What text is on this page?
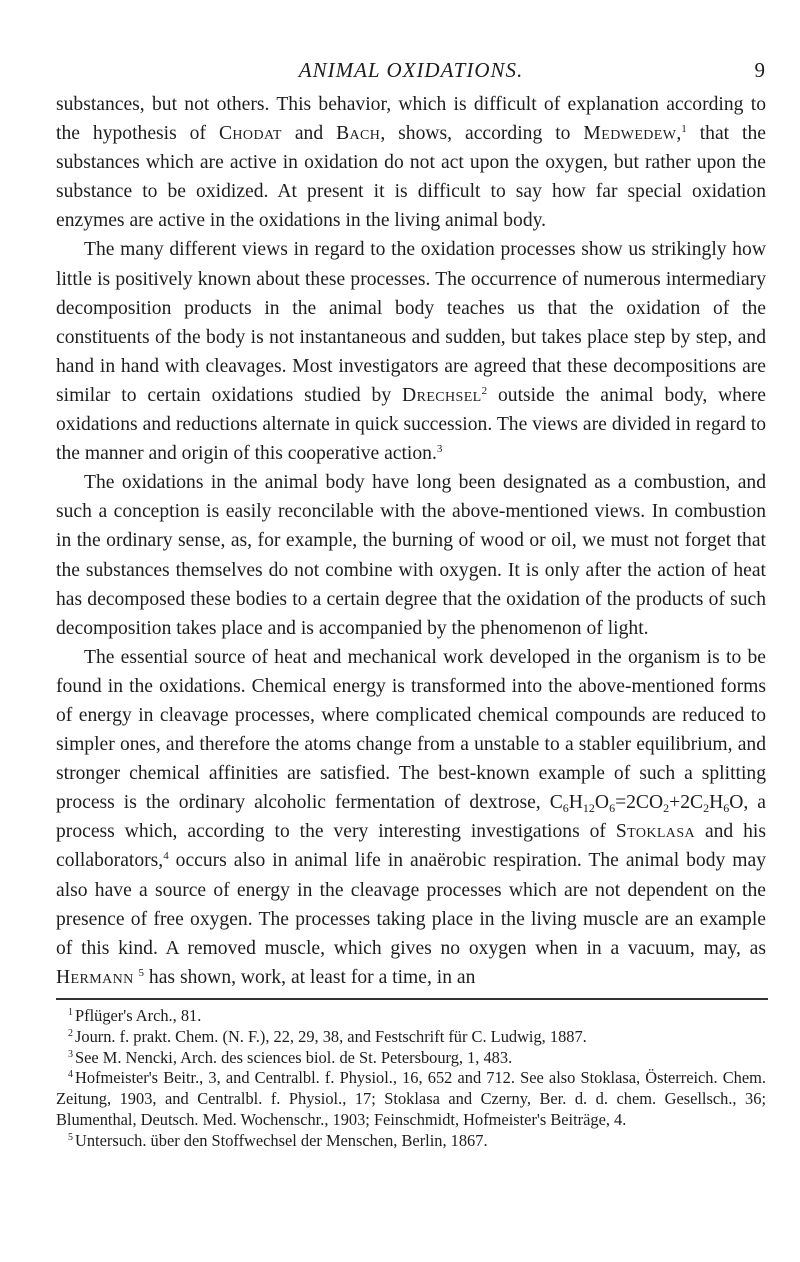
ANIMAL OXIDATIONS.	9

substances, but not others. This behavior, which is difficult of explanation according to the hypothesis of Chodat and Bach, shows, according to Medwedew,$^1$ that the substances which are active in oxidation do not act upon the oxygen, but rather upon the substance to be oxidized. At present it is difficult to say how far special oxidation enzymes are active in the oxidations in the living animal body.

The many different views in regard to the oxidation processes show us strikingly how little is positively known about these processes. The occurrence of numerous intermediary decomposition products in the animal body teaches us that the oxidation of the constituents of the body is not instantaneous and sudden, but takes place step by step, and hand in hand with cleavages. Most investigators are agreed that these decompositions are similar to certain oxidations studied by Drechsel$^2$ outside the animal body, where oxidations and reductions alternate in quick succession. The views are divided in regard to the manner and origin of this cooperative action.$^3$

The oxidations in the animal body have long been designated as a combustion, and such a conception is easily reconcilable with the above-mentioned views. In combustion in the ordinary sense, as, for example, the burning of wood or oil, we must not forget that the substances themselves do not combine with oxygen. It is only after the action of heat has decomposed these bodies to a certain degree that the oxidation of the products of such decomposition takes place and is accompanied by the phenomenon of light.

The essential source of heat and mechanical work developed in the organism is to be found in the oxidations. Chemical energy is transformed into the above-mentioned forms of energy in cleavage processes, where complicated chemical compounds are reduced to simpler ones, and therefore the atoms change from a unstable to a stabler equilibrium, and stronger chemical affinities are satisfied. The best-known example of such a splitting process is the ordinary alcoholic fermentation of dextrose, $C_6H_{12}O_6=2CO_2+2C_2H_6O$, a process which, according to the very interesting investigations of Stoklasa and his collaborators,$^4$ occurs also in animal life in anaërobic respiration. The animal body may also have a source of energy in the cleavage processes which are not dependent on the presence of free oxygen. The processes taking place in the living muscle are an example of this kind. A removed muscle, which gives no oxygen when in a vacuum, may, as Hermann $^5$ has shown, work, at least for a time, in an

$^1$ Pflüger's Arch., 81.

$^2$ Journ. f. prakt. Chem. (N. F.), 22, 29, 38, and Festschrift für C. Ludwig, 1887.

$^3$ See M. Nencki, Arch. des sciences biol. de St. Petersbourg, 1, 483.

$^4$ Hofmeister's Beitr., 3, and Centralbl. f. Physiol., 16, 652 and 712. See also Stoklasa, Österreich. Chem. Zeitung, 1903, and Centralbl. f. Physiol., 17; Stoklasa and Czerny, Ber. d. d. chem. Gesellsch., 36; Blumenthal, Deutsch. Med. Wochenschr., 1903; Feinschmidt, Hofmeister's Beiträge, 4.

$^5$ Untersuch. über den Stoffwechsel der Menschen, Berlin, 1867.
